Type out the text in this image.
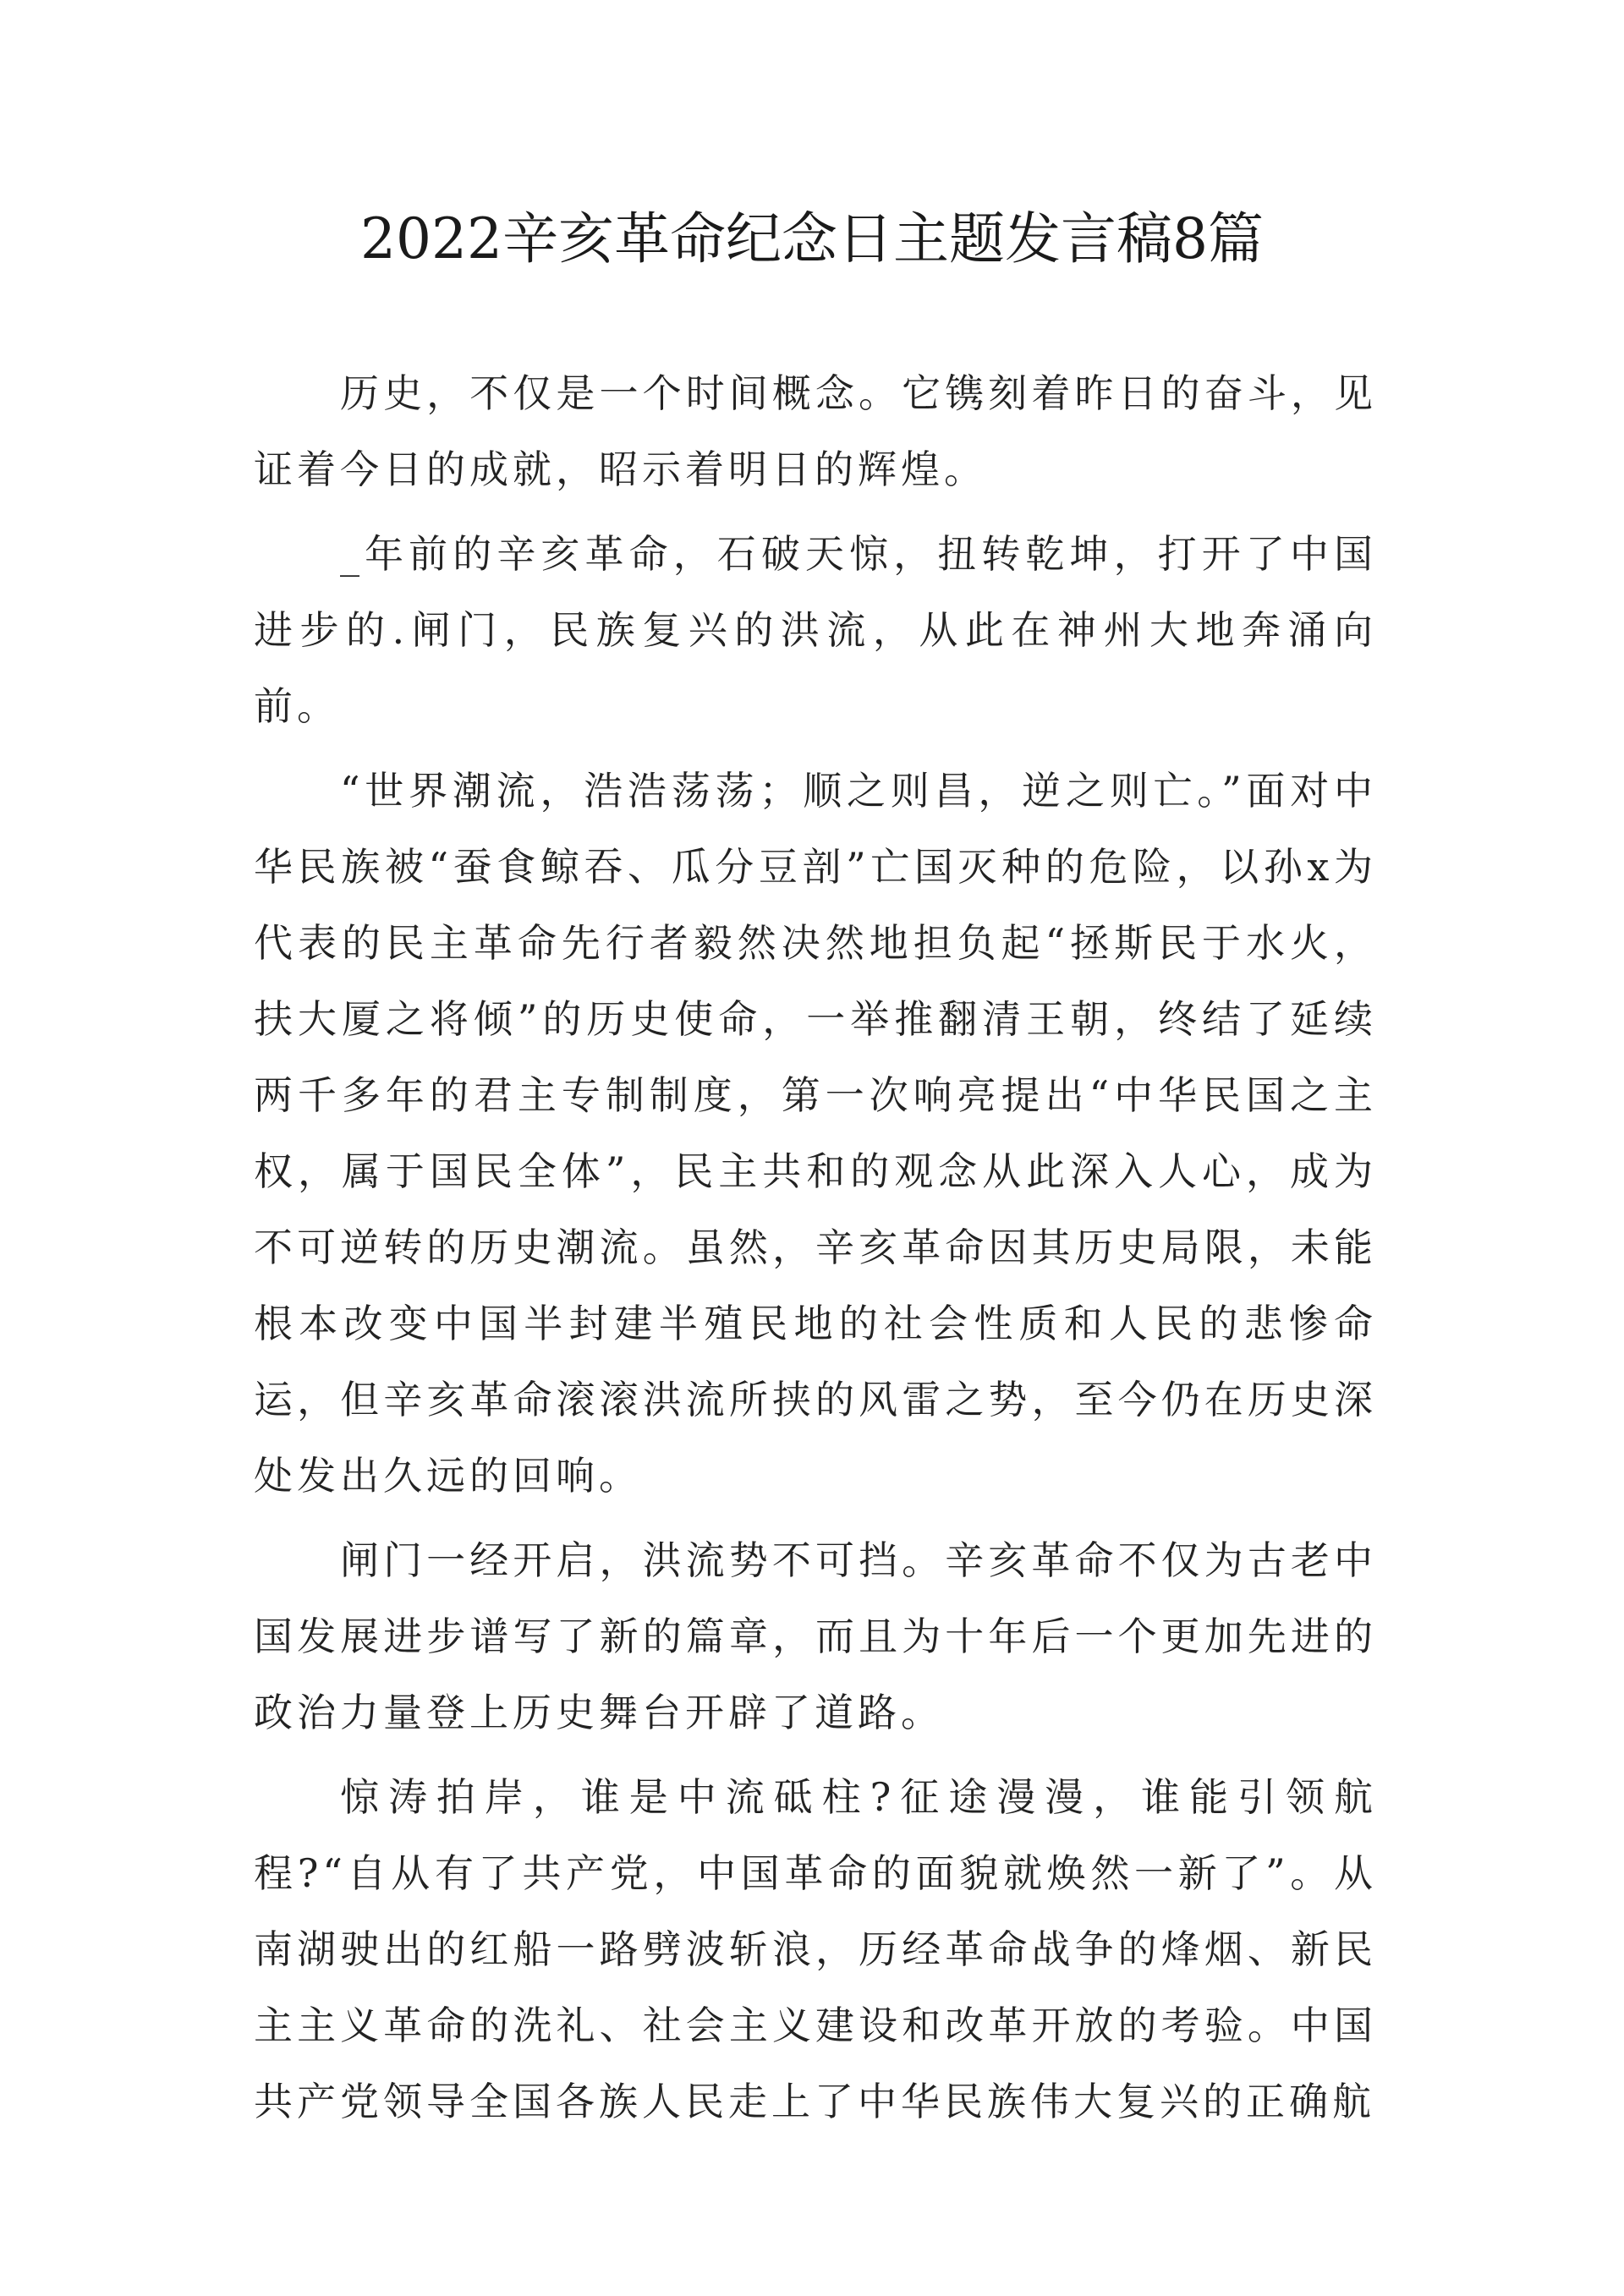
2022辛亥革命纪念日主题发言稿8篇

历史，不仅是一个时间概念。它镌刻着昨日的奋斗，见证着今日的成就，昭示着明日的辉煌。

_年前的辛亥革命，石破天惊，扭转乾坤，打开了中国进步的.闸门，民族复兴的洪流，从此在神州大地奔涌向前。

“世界潮流，浩浩荡荡；顺之则昌，逆之则亡。”面对中华民族被“蚕食鲸吞、瓜分豆剖”亡国灭种的危险，以孙x为代表的民主革命先行者毅然决然地担负起“拯斯民于水火，扶大厦之将倾”的历史使命，一举推翻清王朝，终结了延续两千多年的君主专制制度，第一次响亮提出“中华民国之主权，属于国民全体”，民主共和的观念从此深入人心，成为不可逆转的历史潮流。虽然，辛亥革命因其历史局限，未能根本改变中国半封建半殖民地的社会性质和人民的悲惨命运，但辛亥革命滚滚洪流所挟的风雷之势，至今仍在历史深处发出久远的回响。

闸门一经开启，洪流势不可挡。辛亥革命不仅为古老中国发展进步谱写了新的篇章，而且为十年后一个更加先进的政治力量登上历史舞台开辟了道路。

惊涛拍岸，谁是中流砥柱?征途漫漫，谁能引领航程?“自从有了共产党，中国革命的面貌就焕然一新了”。从南湖驶出的红船一路劈波斩浪，历经革命战争的烽烟、新民主主义革命的洗礼、社会主义建设和改革开放的考验。中国共产党领导全国各族人民走上了中华民族伟大复兴的正确航
